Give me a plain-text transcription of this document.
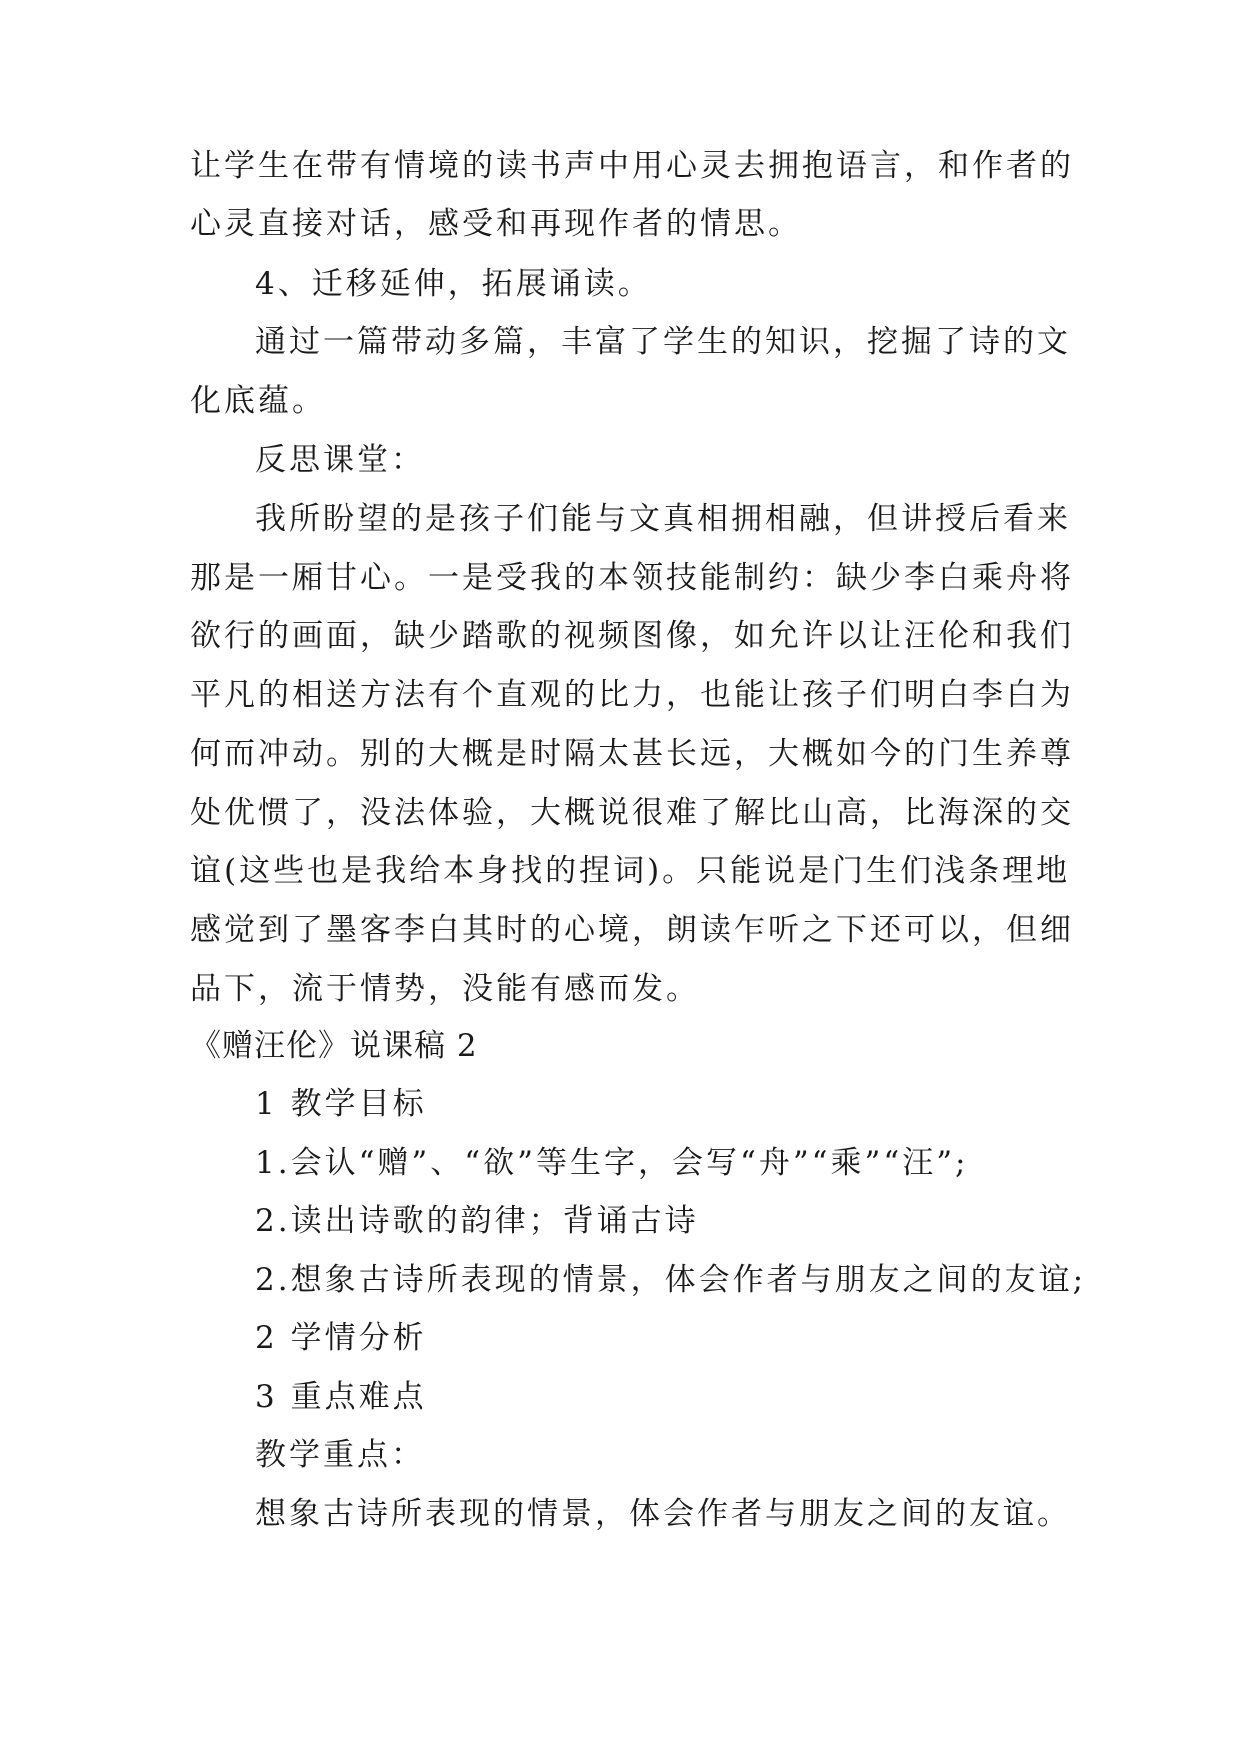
让学生在带有情境的读书声中用心灵去拥抱语言，和作者的
心灵直接对话，感受和再现作者的情思。
4、迁移延伸，拓展诵读。
通过一篇带动多篇，丰富了学生的知识，挖掘了诗的文
化底蕴。
反思课堂：
我所盼望的是孩子们能与文真相拥相融，但讲授后看来
那是一厢甘心。一是受我的本领技能制约：缺少李白乘舟将
欲行的画面，缺少踏歌的视频图像，如允许以让汪伦和我们
平凡的相送方法有个直观的比力，也能让孩子们明白李白为
何而冲动。别的大概是时隔太甚长远，大概如今的门生养尊
处优惯了，没法体验，大概说很难了解比山高，比海深的交
谊(这些也是我给本身找的捏词)。只能说是门生们浅条理地
感觉到了墨客李白其时的心境，朗读乍听之下还可以，但细
品下，流于情势，没能有感而发。
《赠汪伦》说课稿 2
1 教学目标
1.会认“赠”、“欲”等生字，会写“舟”“乘”“汪”;
2.读出诗歌的韵律；背诵古诗
2.想象古诗所表现的情景，体会作者与朋友之间的友谊;
2 学情分析
3 重点难点
教学重点：
想象古诗所表现的情景，体会作者与朋友之间的友谊。
